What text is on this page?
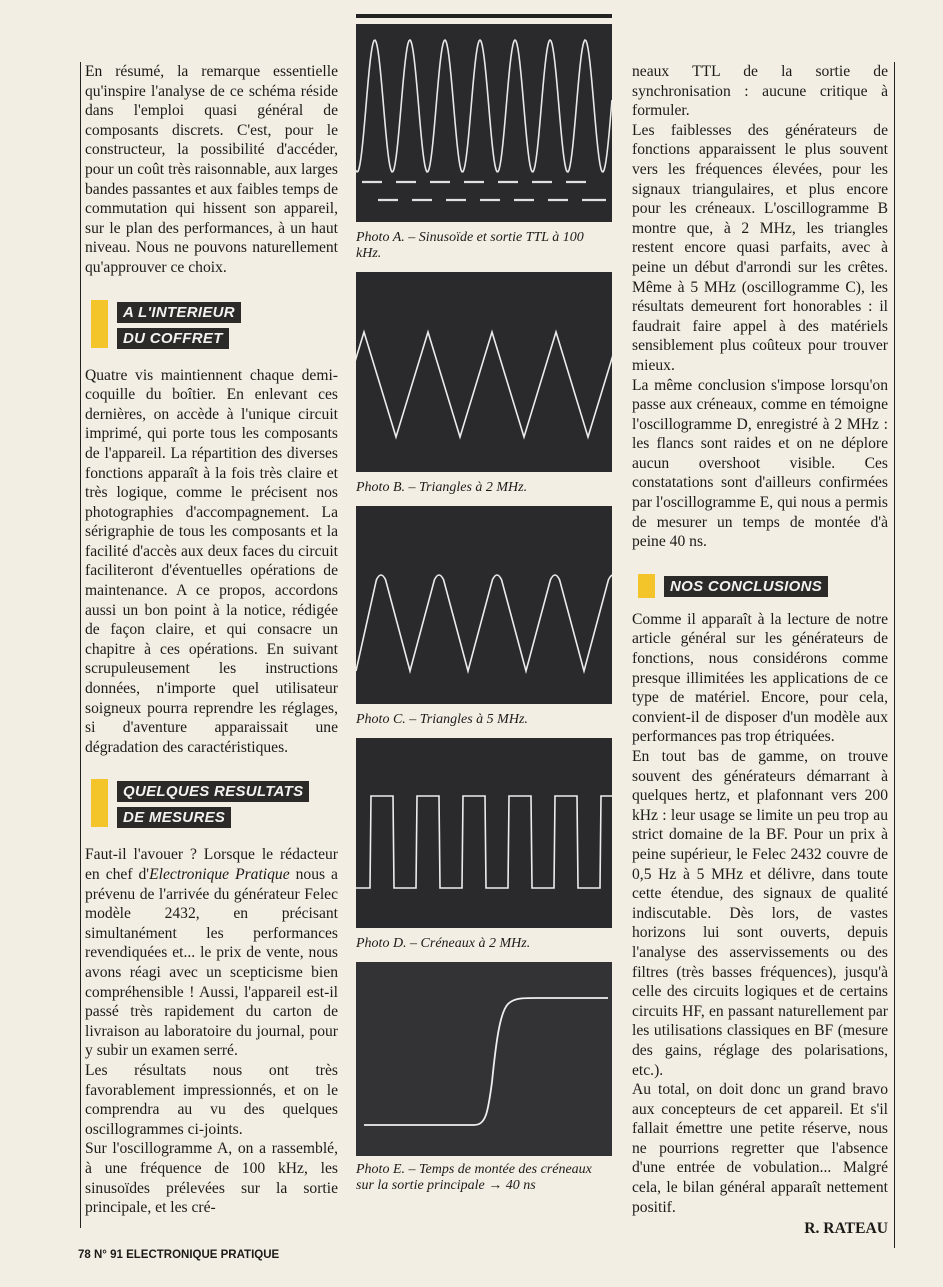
En résumé, la remarque essentielle qu'inspire l'analyse de ce schéma réside dans l'emploi quasi général de composants discrets. C'est, pour le constructeur, la possibilité d'accéder, pour un coût très raisonnable, aux larges bandes passantes et aux faibles temps de commutation qui hissent son appareil, sur le plan des performances, à un haut niveau. Nous ne pouvons naturellement qu'approuver ce choix.

A L'INTERIEUR
DU COFFRET

Quatre vis maintiennent chaque demi-coquille du boîtier. En enlevant ces dernières, on accède à l'unique circuit imprimé, qui porte tous les composants de l'appareil. La répartition des diverses fonctions apparaît à la fois très claire et très logique, comme le précisent nos photographies d'accompagnement. La sérigraphie de tous les composants et la facilité d'accès aux deux faces du circuit faciliteront d'éventuelles opérations de maintenance. A ce propos, accordons aussi un bon point à la notice, rédigée de façon claire, et qui consacre un chapitre à ces opérations. En suivant scrupuleusement les instructions données, n'importe quel utilisateur soigneux pourra reprendre les réglages, si d'aventure apparaissait une dégradation des caractéristiques.

QUELQUES RESULTATS
DE MESURES

Faut-il l'avouer ? Lorsque le rédacteur en chef d'Electronique Pratique nous a prévenu de l'arrivée du générateur Felec modèle 2432, en précisant simultanément les performances revendiquées et... le prix de vente, nous avons réagi avec un scepticisme bien compréhensible ! Aussi, l'appareil est-il passé très rapidement du carton de livraison au laboratoire du journal, pour y subir un examen serré.

Les résultats nous ont très favorablement impressionnés, et on le comprendra au vu des quelques oscillogrammes ci-joints.

Sur l'oscillogramme A, on a rassemblé, à une fréquence de 100 kHz, les sinusoïdes prélevées sur la sortie principale, et les cré-

Photo A. – Sinusoïde et sortie TTL à 100 kHz.
Photo B. – Triangles à 2 MHz.
Photo C. – Triangles à 5 MHz.
Photo D. – Créneaux à 2 MHz.
Photo E. – Temps de montée des créneaux sur la sortie principale → 40 ns

neaux TTL de la sortie de synchronisation : aucune critique à formuler.

Les faiblesses des générateurs de fonctions apparaissent le plus souvent vers les fréquences élevées, pour les signaux triangulaires, et plus encore pour les créneaux. L'oscillogramme B montre que, à 2 MHz, les triangles restent encore quasi parfaits, avec à peine un début d'arrondi sur les crêtes. Même à 5 MHz (oscillogramme C), les résultats demeurent fort honorables : il faudrait faire appel à des matériels sensiblement plus coûteux pour trouver mieux.

La même conclusion s'impose lorsqu'on passe aux créneaux, comme en témoigne l'oscillogramme D, enregistré à 2 MHz : les flancs sont raides et on ne déplore aucun overshoot visible. Ces constatations sont d'ailleurs confirmées par l'oscillogramme E, qui nous a permis de mesurer un temps de montée d'à peine 40 ns.

NOS CONCLUSIONS

Comme il apparaît à la lecture de notre article général sur les générateurs de fonctions, nous considérons comme presque illimitées les applications de ce type de matériel. Encore, pour cela, convient-il de disposer d'un modèle aux performances pas trop étriquées.

En tout bas de gamme, on trouve souvent des générateurs démarrant à quelques hertz, et plafonnant vers 200 kHz : leur usage se limite un peu trop au strict domaine de la BF. Pour un prix à peine supérieur, le Felec 2432 couvre de 0,5 Hz à 5 MHz et délivre, dans toute cette étendue, des signaux de qualité indiscutable. Dès lors, de vastes horizons lui sont ouverts, depuis l'analyse des asservissements ou des filtres (très basses fréquences), jusqu'à celle des circuits logiques et de certains circuits HF, en passant naturellement par les utilisations classiques en BF (mesure des gains, réglage des polarisations, etc.).

Au total, on doit donc un grand bravo aux concepteurs de cet appareil. Et s'il fallait émettre une petite réserve, nous ne pourrions regretter que l'absence d'une entrée de vobulation... Malgré cela, le bilan général apparaît nettement positif.

R. RATEAU
78 N° 91 ELECTRONIQUE PRATIQUE
